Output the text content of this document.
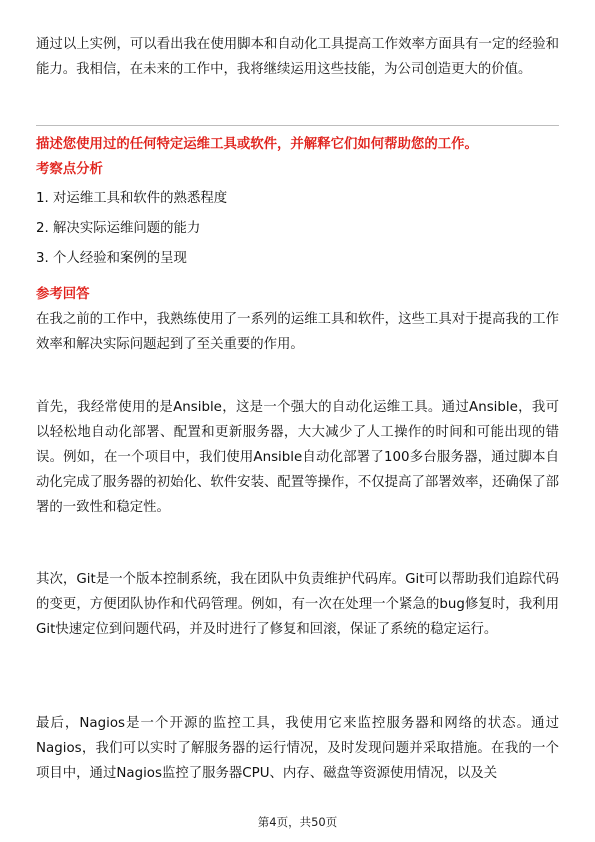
通过以上实例，可以看出我在使用脚本和自动化工具提高工作效率方面具有一定的经验和能力。我相信，在未来的工作中，我将继续运用这些技能，为公司创造更大的价值。

描述您使用过的任何特定运维工具或软件，并解释它们如何帮助您的工作。
考察点分析
1. 对运维工具和软件的熟悉程度
2. 解决实际运维问题的能力
3. 个人经验和案例的呈现
参考回答

在我之前的工作中，我熟练使用了一系列的运维工具和软件，这些工具对于提高我的工作效率和解决实际问题起到了至关重要的作用。

首先，我经常使用的是Ansible，这是一个强大的自动化运维工具。通过Ansible，我可以轻松地自动化部署、配置和更新服务器，大大减少了人工操作的时间和可能出现的错误。例如，在一个项目中，我们使用Ansible自动化部署了100多台服务器，通过脚本自动化完成了服务器的初始化、软件安装、配置等操作，不仅提高了部署效率，还确保了部署的一致性和稳定性。

其次，Git是一个版本控制系统，我在团队中负责维护代码库。Git可以帮助我们追踪代码的变更，方便团队协作和代码管理。例如，有一次在处理一个紧急的bug修复时，我利用Git快速定位到问题代码，并及时进行了修复和回滚，保证了系统的稳定运行。

最后，Nagios是一个开源的监控工具，我使用它来监控服务器和网络的状态。通过Nagios，我们可以实时了解服务器的运行情况，及时发现问题并采取措施。在我的一个项目中，通过Nagios监控了服务器CPU、内存、磁盘等资源使用情况，以及关

第4页，共50页
